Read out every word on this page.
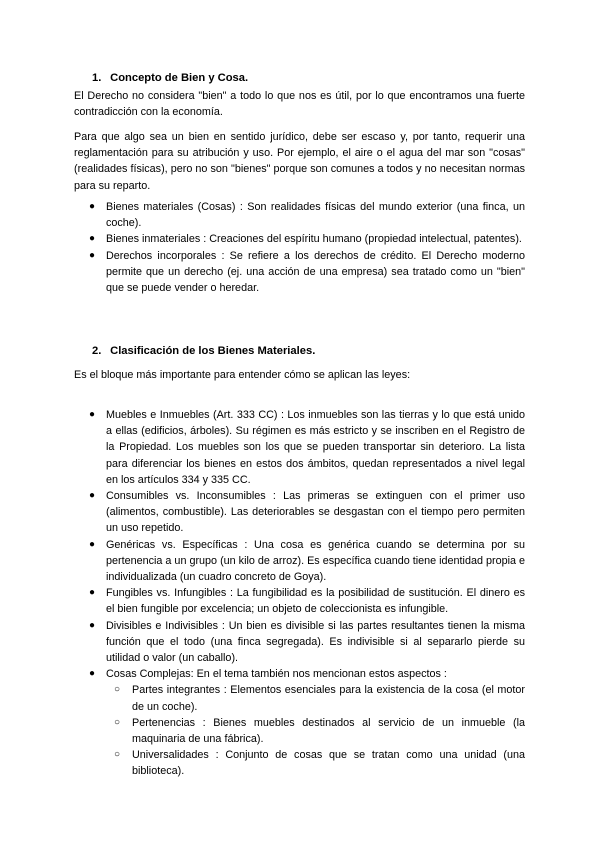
1. Concepto de Bien y Cosa.
El Derecho no considera "bien" a todo lo que nos es útil, por lo que encontramos una fuerte contradicción con la economía.
Para que algo sea un bien en sentido jurídico, debe ser escaso y, por tanto, requerir una reglamentación para su atribución y uso. Por ejemplo, el aire o el agua del mar son "cosas" (realidades físicas), pero no son "bienes" porque son comunes a todos y no necesitan normas para su reparto.
● Bienes materiales (Cosas) : Son realidades físicas del mundo exterior (una finca, un coche).
● Bienes inmateriales : Creaciones del espíritu humano (propiedad intelectual, patentes).
● Derechos incorporales : Se refiere a los derechos de crédito. El Derecho moderno permite que un derecho (ej. una acción de una empresa) sea tratado como un "bien" que se puede vender o heredar.
2. Clasificación de los Bienes Materiales.
Es el bloque más importante para entender cómo se aplican las leyes:
● Muebles e Inmuebles (Art. 333 CC) : Los inmuebles son las tierras y lo que está unido a ellas (edificios, árboles). Su régimen es más estricto y se inscriben en el Registro de la Propiedad. Los muebles son los que se pueden transportar sin deterioro. La lista para diferenciar los bienes en estos dos ámbitos, quedan representados a nivel legal en los artículos 334 y 335 CC.
● Consumibles vs. Inconsumibles : Las primeras se extinguen con el primer uso (alimentos, combustible). Las deteriorables se desgastan con el tiempo pero permiten un uso repetido.
● Genéricas vs. Específicas : Una cosa es genérica cuando se determina por su pertenencia a un grupo (un kilo de arroz). Es específica cuando tiene identidad propia e individualizada (un cuadro concreto de Goya).
● Fungibles vs. Infungibles : La fungibilidad es la posibilidad de sustitución. El dinero es el bien fungible por excelencia; un objeto de coleccionista es infungible.
● Divisibles e Indivisibles : Un bien es divisible si las partes resultantes tienen la misma función que el todo (una finca segregada). Es indivisible si al separarlo pierde su utilidad o valor (un caballo).
● Cosas Complejas: En el tema también nos mencionan estos aspectos :
○ Partes integrantes : Elementos esenciales para la existencia de la cosa (el motor de un coche).
○ Pertenencias : Bienes muebles destinados al servicio de un inmueble (la maquinaria de una fábrica).
○ Universalidades : Conjunto de cosas que se tratan como una unidad (una biblioteca).
